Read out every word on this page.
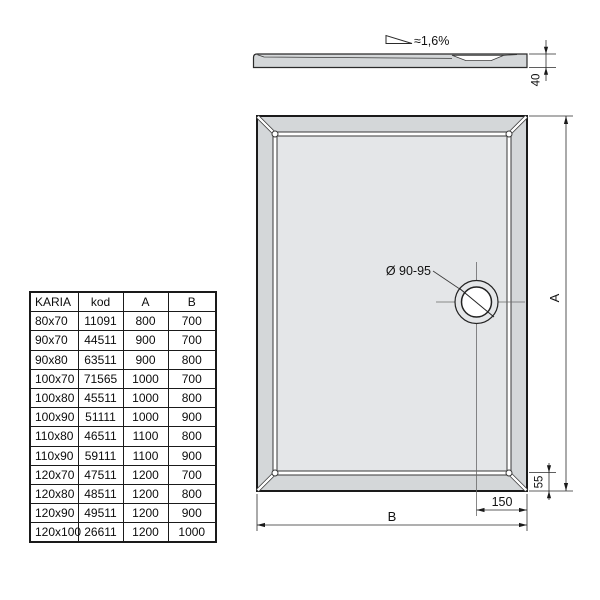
≈1,6%
40
Ø 90-95
A
B
150
55
KARIA	kod	A	B
80x70	11091	800	700
90x70	44511	900	700
90x80	63511	900	800
100x70	71565	1000	700
100x80	45511	1000	800
100x90	51111	1000	900
110x80	46511	1100	800
110x90	59111	1100	900
120x70	47511	1200	700
120x80	48511	1200	800
120x90	49511	1200	900
120x100	26611	1200	1000
